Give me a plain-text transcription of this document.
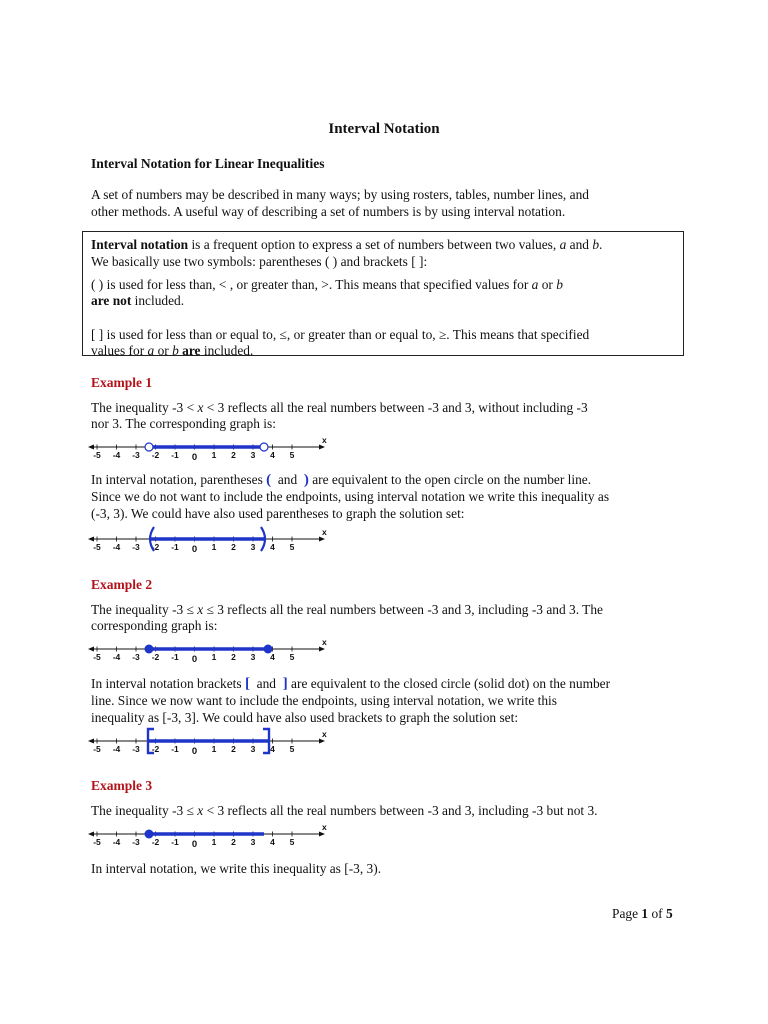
Interval Notation
Interval Notation for Linear Inequalities
A set of numbers may be described in many ways; by using rosters, tables, number lines, and
other methods. A useful way of describing a set of numbers is by using interval notation.

Interval notation is a frequent option to express a set of numbers between two values, a and b.

We basically use two symbols: parentheses ( ) and brackets [ ]:

( ) is used for less than, < , or greater than, >. This means that specified values for a or b

are not included.

[ ] is used for less than or equal to, ≤, or greater than or equal to, ≥. This means that specified

values for a or b are included.

Example 1
The inequality -3 < x < 3 reflects all the real numbers between -3 and 3, without including -3
nor 3. The corresponding graph is:
x
-5 -4 -3 -2 -1 0 1 2 3 4 5
In interval notation, parentheses ( and ) are equivalent to the open circle on the number line.
Since we do not want to include the endpoints, using interval notation we write this inequality as
(-3, 3). We could have also used parentheses to graph the solution set:
x
-5 -4 -3 -2 -1 0 1 2 3 4 5
Example 2
The inequality -3 ≤ x ≤ 3 reflects all the real numbers between -3 and 3, including -3 and 3. The
corresponding graph is:
x
-5 -4 -3 -2 -1 0 1 2 3 4 5
In interval notation brackets [ and ] are equivalent to the closed circle (solid dot) on the number
line. Since we now want to include the endpoints, using interval notation, we write this
inequality as [-3, 3]. We could have also used brackets to graph the solution set:
x
-5 -4 -3 -2 -1 0 1 2 3 4 5
Example 3
The inequality -3 ≤ x < 3 reflects all the real numbers between -3 and 3, including -3 but not 3.
x
-5 -4 -3 -2 -1 0 1 2 3 4 5
In interval notation, we write this inequality as [-3, 3).
Page 1 of 5
